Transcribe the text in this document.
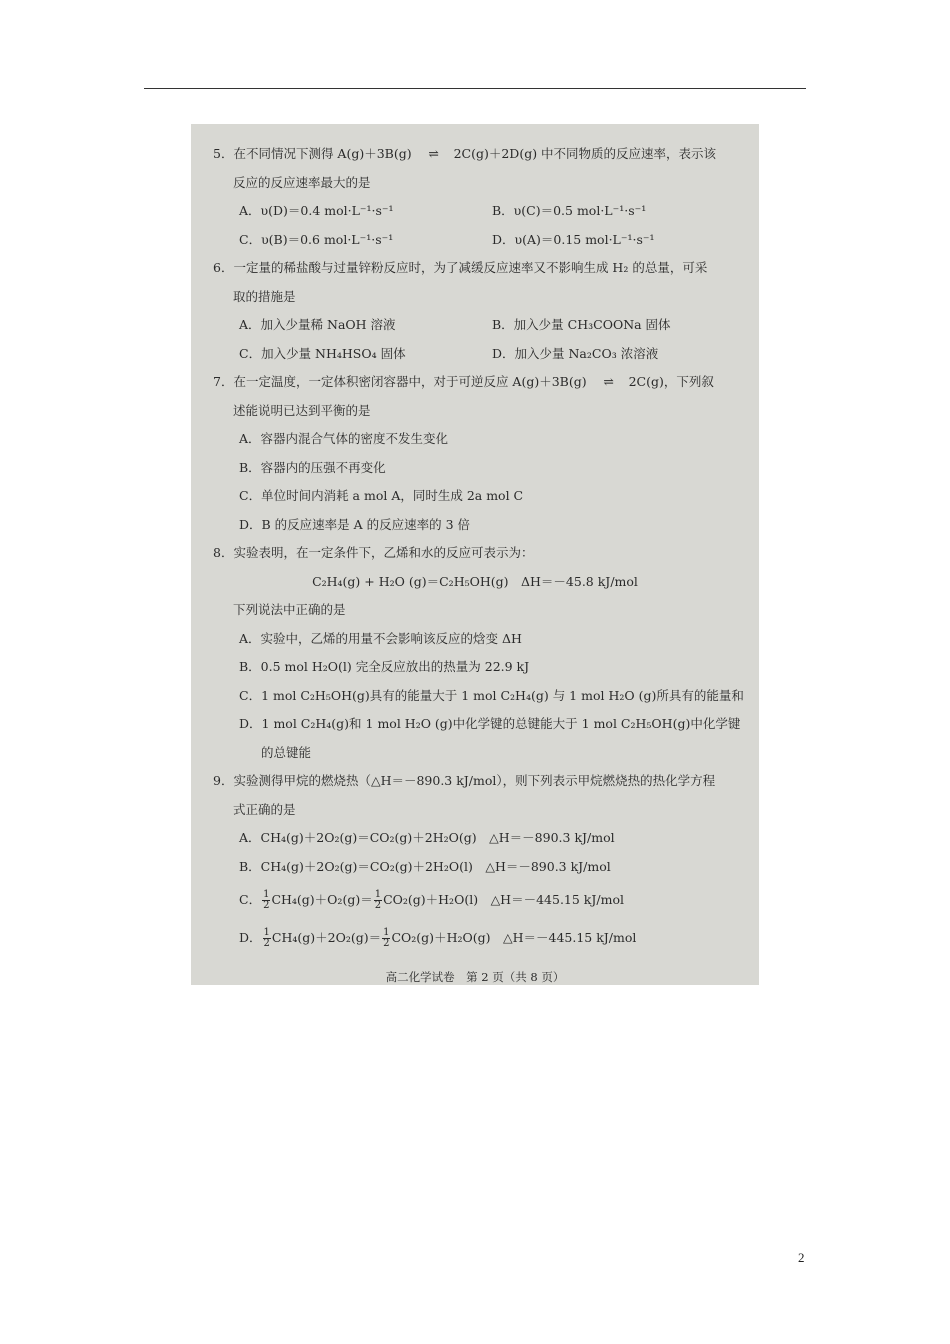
5．在不同情况下测得 A(g)＋3B(g) ⇌ 2C(g)＋2D(g) 中不同物质的反应速率，表示该
反应的反应速率最大的是
A．υ(D)＝0.4 mol·L⁻¹·s⁻¹	B．υ(C)＝0.5 mol·L⁻¹·s⁻¹
C．υ(B)＝0.6 mol·L⁻¹·s⁻¹	D．υ(A)＝0.15 mol·L⁻¹·s⁻¹
6．一定量的稀盐酸与过量锌粉反应时，为了减缓反应速率又不影响生成 H₂ 的总量，可采
取的措施是
A．加入少量稀 NaOH 溶液	B．加入少量 CH₃COONa 固体
C．加入少量 NH₄HSO₄ 固体	D．加入少量 Na₂CO₃ 浓溶液
7．在一定温度，一定体积密闭容器中，对于可逆反应 A(g)＋3B(g) ⇌ 2C(g)，下列叙
述能说明已达到平衡的是
A．容器内混合气体的密度不发生变化
B．容器内的压强不再变化
C．单位时间内消耗 a mol A，同时生成 2a mol C
D．B 的反应速率是 A 的反应速率的 3 倍
8．实验表明，在一定条件下，乙烯和水的反应可表示为：
C₂H₄(g) + H₂O (g)＝C₂H₅OH(g)　ΔH＝－45.8 kJ/mol
下列说法中正确的是
A．实验中，乙烯的用量不会影响该反应的焓变 ΔH
B．0.5 mol H₂O(l) 完全反应放出的热量为 22.9 kJ
C．1 mol C₂H₅OH(g)具有的能量大于 1 mol C₂H₄(g) 与 1 mol H₂O (g)所具有的能量和
D．1 mol C₂H₄(g)和 1 mol H₂O (g)中化学键的总键能大于 1 mol C₂H₅OH(g)中化学键
的总键能
9．实验测得甲烷的燃烧热（△H＝－890.3 kJ/mol），则下列表示甲烷燃烧热的热化学方程
式正确的是
A．CH₄(g)＋2O₂(g)＝CO₂(g)＋2H₂O(g)　△H＝－890.3 kJ/mol
B．CH₄(g)＋2O₂(g)＝CO₂(g)＋2H₂O(l)　△H＝－890.3 kJ/mol
C． $\frac{1}{2} CH_4(g)+O_2(g)= \frac{1}{2} CO_2(g)+H_2O(l)$　△H＝－445.15 kJ/mol
D． $\frac{1}{2} CH_4(g)+2O_2(g)= \frac{1}{2} CO_2(g)+H_2O(g)$　△H＝－445.15 kJ/mol
高二化学试卷　第 2 页（共 8 页）
2
